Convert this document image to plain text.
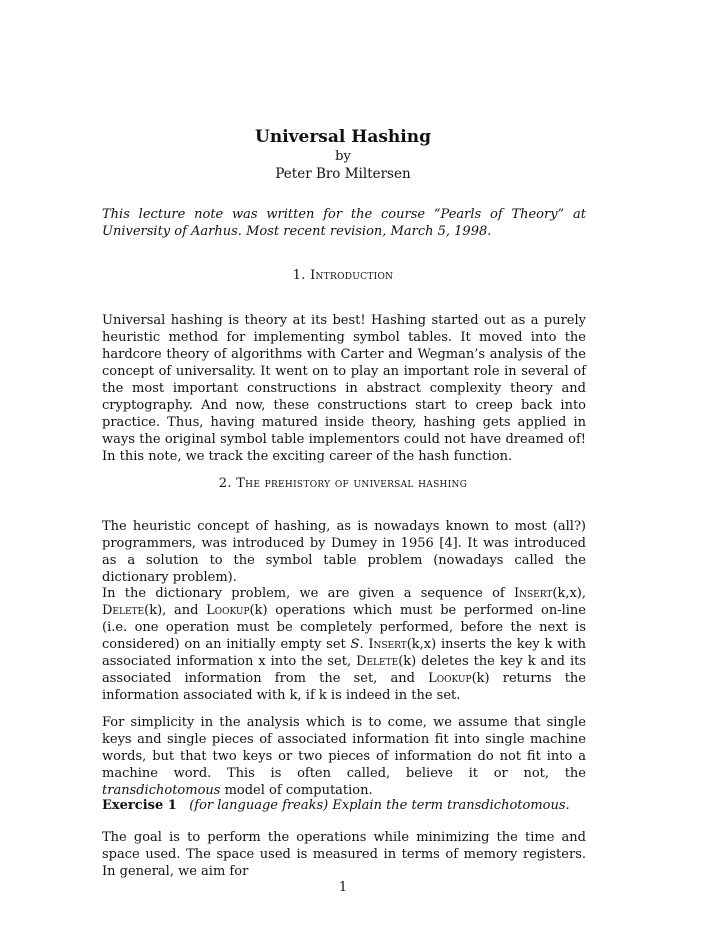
Universal Hashing
by
Peter Bro Miltersen

This lecture note was written for the course “Pearls of Theory” at University of Aarhus. Most recent revision, March 5, 1998.

1. Introduction

Universal hashing is theory at its best! Hashing started out as a purely heuristic method for implementing symbol tables. It moved into the hardcore theory of algorithms with Carter and Wegman’s analysis of the concept of universality. It went on to play an important role in several of the most important constructions in abstract complexity theory and cryptography. And now, these constructions start to creep back into practice. Thus, having matured inside theory, hashing gets applied in ways the original symbol table implementors could not have dreamed of! In this note, we track the exciting career of the hash function.

2. The prehistory of universal hashing

The heuristic concept of hashing, as is nowadays known to most (all?) programmers, was introduced by Dumey in 1956 [4]. It was introduced as a solution to the symbol table problem (nowadays called the dictionary problem).

In the dictionary problem, we are given a sequence of Insert(k,x), Delete(k), and Lookup(k) operations which must be performed on-line (i.e. one operation must be completely performed, before the next is considered) on an initially empty set S. Insert(k,x) inserts the key k with associated information x into the set, Delete(k) deletes the key k and its associated information from the set, and Lookup(k) returns the information associated with k, if k is indeed in the set.

For simplicity in the analysis which is to come, we assume that single keys and single pieces of associated information fit into single machine words, but that two keys or two pieces of information do not fit into a machine word. This is often called, believe it or not, the transdichotomous model of computation.

Exercise 1 (for language freaks) Explain the term transdichotomous.

The goal is to perform the operations while minimizing the time and space used. The space used is measured in terms of memory registers. In general, we aim for

1
